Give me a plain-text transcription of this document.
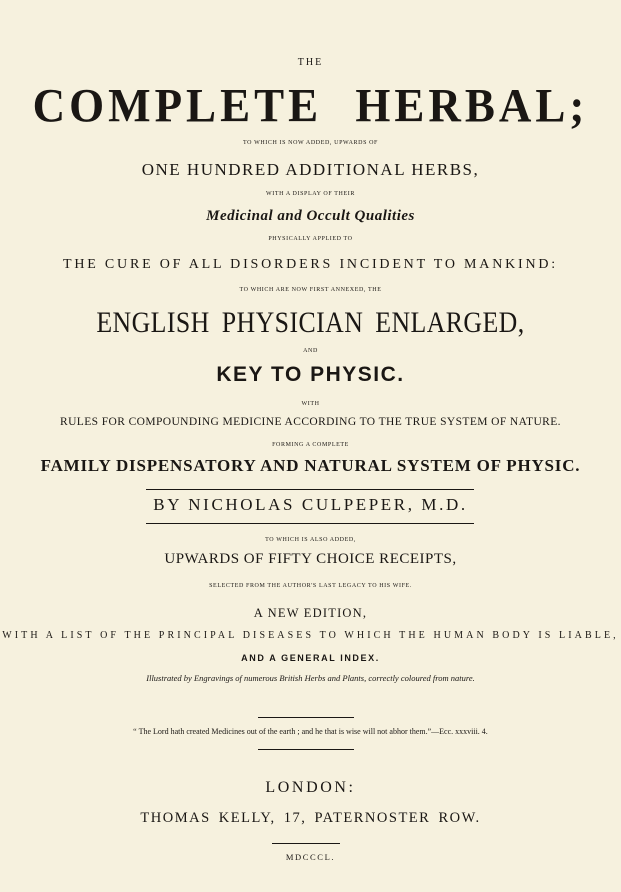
THE
COMPLETE HERBAL;
TO WHICH IS NOW ADDED, UPWARDS OF
ONE HUNDRED ADDITIONAL HERBS,
WITH A DISPLAY OF THEIR
Medicinal and Occult Qualities
PHYSICALLY APPLIED TO
THE CURE OF ALL DISORDERS INCIDENT TO MANKIND:
TO WHICH ARE NOW FIRST ANNEXED, THE
ENGLISH PHYSICIAN ENLARGED,
AND
KEY TO PHYSIC.
WITH
RULES FOR COMPOUNDING MEDICINE ACCORDING TO THE TRUE SYSTEM OF NATURE.
FORMING A COMPLETE
FAMILY DISPENSATORY AND NATURAL SYSTEM OF PHYSIC.
BY NICHOLAS CULPEPER, M.D.
TO WHICH IS ALSO ADDED,
UPWARDS OF FIFTY CHOICE RECEIPTS,
SELECTED FROM THE AUTHOR'S LAST LEGACY TO HIS WIFE.
A NEW EDITION,
WITH A LIST OF THE PRINCIPAL DISEASES TO WHICH THE HUMAN BODY IS LIABLE,
AND A GENERAL INDEX.
Illustrated by Engravings of numerous British Herbs and Plants, correctly coloured from nature.
“ The Lord hath created Medicines out of the earth ; and he that is wise will not abhor them.”—Ecc. xxxviii. 4.
LONDON:
THOMAS KELLY, 17, PATERNOSTER ROW.
MDCCCL.
